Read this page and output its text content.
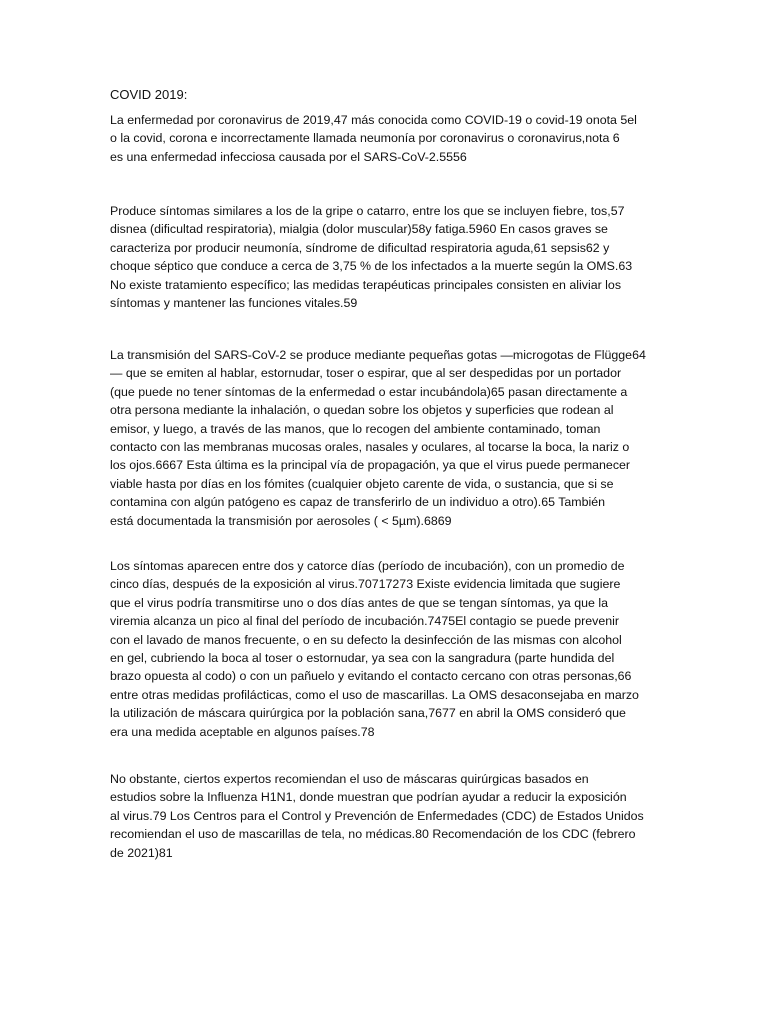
COVID 2019:
La enfermedad por coronavirus de 2019,47 más conocida como COVID-19 o covid-19 onota 5el
o la covid, corona e incorrectamente llamada neumonía por coronavirus o coronavirus,nota 6
es una enfermedad infecciosa causada por el SARS-CoV-2.5556
Produce síntomas similares a los de la gripe o catarro, entre los que se incluyen fiebre, tos,57
disnea (dificultad respiratoria), mialgia (dolor muscular)58y fatiga.5960 En casos graves se
caracteriza por producir neumonía, síndrome de dificultad respiratoria aguda,61 sepsis62 y
choque séptico que conduce a cerca de 3,75 % de los infectados a la muerte según la OMS.63
No existe tratamiento específico; las medidas terapéuticas principales consisten en aliviar los
síntomas y mantener las funciones vitales.59
La transmisión del SARS-CoV-2 se produce mediante pequeñas gotas —microgotas de Flügge64
— que se emiten al hablar, estornudar, toser o espirar, que al ser despedidas por un portador
(que puede no tener síntomas de la enfermedad o estar incubándola)65 pasan directamente a
otra persona mediante la inhalación, o quedan sobre los objetos y superficies que rodean al
emisor, y luego, a través de las manos, que lo recogen del ambiente contaminado, toman
contacto con las membranas mucosas orales, nasales y oculares, al tocarse la boca, la nariz o
los ojos.6667 Esta última es la principal vía de propagación, ya que el virus puede permanecer
viable hasta por días en los fómites (cualquier objeto carente de vida, o sustancia, que si se
contamina con algún patógeno es capaz de transferirlo de un individuo a otro).65 También
está documentada la transmisión por aerosoles ( < 5µm).6869
Los síntomas aparecen entre dos y catorce días (período de incubación), con un promedio de
cinco días, después de la exposición al virus.70717273 Existe evidencia limitada que sugiere
que el virus podría transmitirse uno o dos días antes de que se tengan síntomas, ya que la
viremia alcanza un pico al final del período de incubación.7475El contagio se puede prevenir
con el lavado de manos frecuente, o en su defecto la desinfección de las mismas con alcohol
en gel, cubriendo la boca al toser o estornudar, ya sea con la sangradura (parte hundida del
brazo opuesta al codo) o con un pañuelo y evitando el contacto cercano con otras personas,66
entre otras medidas profilácticas, como el uso de mascarillas. La OMS desaconsejaba en marzo
la utilización de máscara quirúrgica por la población sana,7677 en abril la OMS consideró que
era una medida aceptable en algunos países.78
No obstante, ciertos expertos recomiendan el uso de máscaras quirúrgicas basados en
estudios sobre la Influenza H1N1, donde muestran que podrían ayudar a reducir la exposición
al virus.79 Los Centros para el Control y Prevención de Enfermedades (CDC) de Estados Unidos
recomiendan el uso de mascarillas de tela, no médicas.80 Recomendación de los CDC (febrero
de 2021)81
